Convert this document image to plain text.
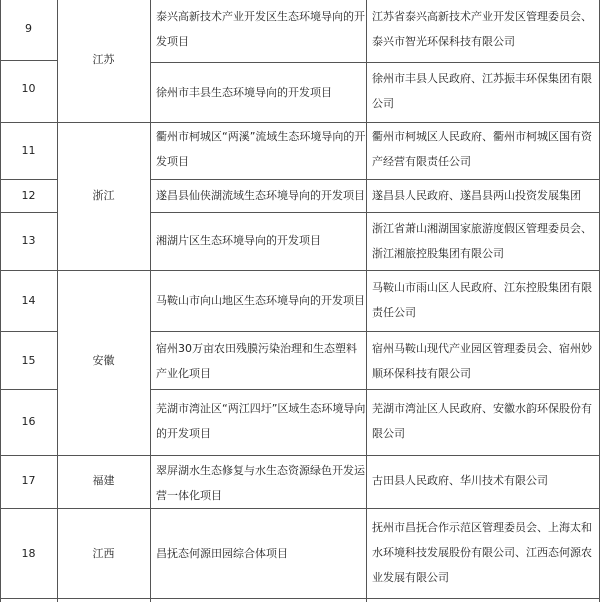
9
10
11
12
13
14
15
16
17
18
江苏
浙江
安徽
福建
江西
泰兴高新技术产业开发区生态环境导向的开发项目
徐州市丰县生态环境导向的开发项目
衢州市柯城区“两溪”流域生态环境导向的开发项目
遂昌县仙侠湖流域生态环境导向的开发项目
湘湖片区生态环境导向的开发项目
马鞍山市向山地区生态环境导向的开发项目
宿州30万亩农田残膜污染治理和生态塑料产业化项目
芜湖市湾沚区“两江四圩”区域生态环境导向的开发项目
翠屏湖水生态修复与水生态资源绿色开发运营一体化项目
昌抚态何源田园综合体项目
江苏省泰兴高新技术产业开发区管理委员会、泰兴市智光环保科技有限公司
徐州市丰县人民政府、江苏振丰环保集团有限公司
衢州市柯城区人民政府、衢州市柯城区国有资产经营有限责任公司
遂昌县人民政府、遂昌县两山投资发展集团
浙江省萧山湘湖国家旅游度假区管理委员会、浙江湘旅控股集团有限公司
马鞍山市雨山区人民政府、江东控股集团有限责任公司
宿州马鞍山现代产业园区管理委员会、宿州妙顺环保科技有限公司
芜湖市湾沚区人民政府、安徽水韵环保股份有限公司
古田县人民政府、华川技术有限公司
抚州市昌抚合作示范区管理委员会、上海太和水环境科技发展股份有限公司、江西态何源农业发展有限公司
